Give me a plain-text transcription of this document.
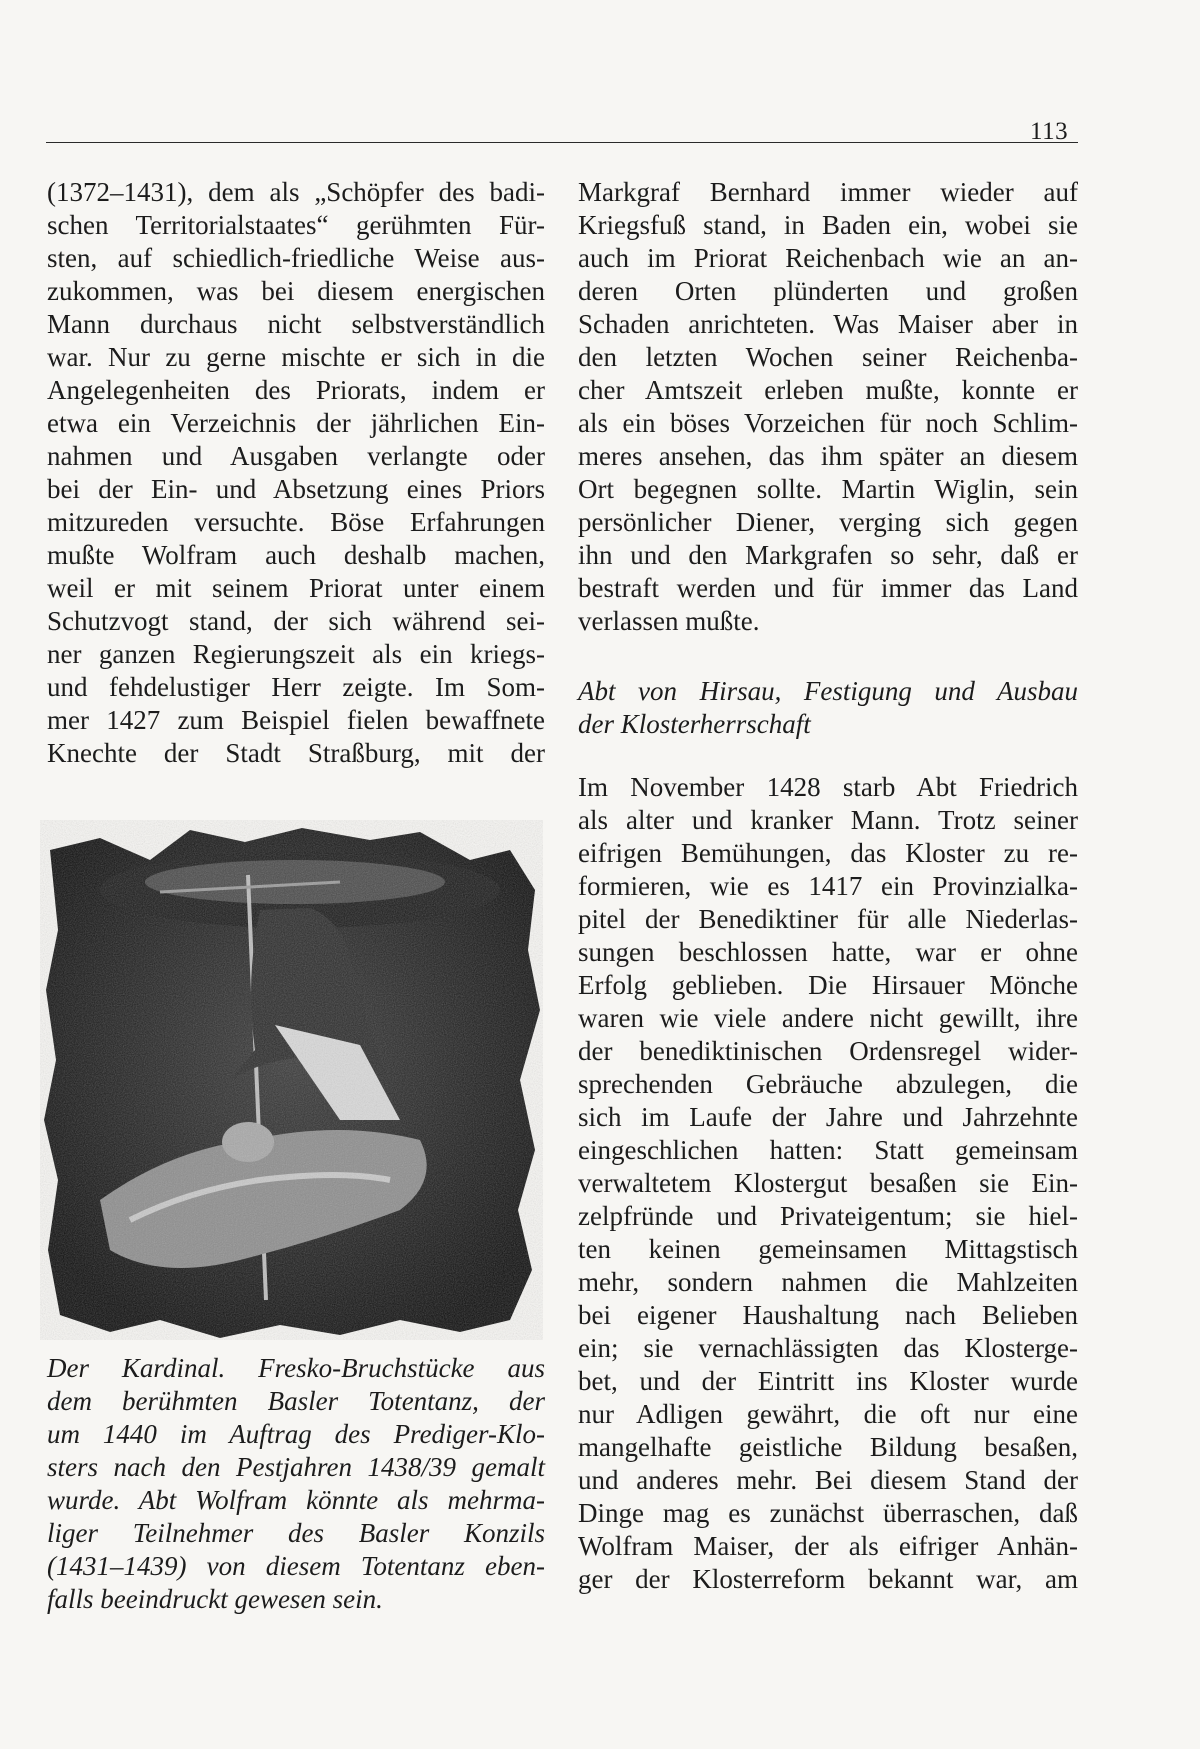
113
(1372–1431), dem als „Schöpfer des badi-
schen Territorialstaates“ gerühmten Für-
sten, auf schiedlich-friedliche Weise aus-
zukommen, was bei diesem energischen
Mann durchaus nicht selbstverständlich
war. Nur zu gerne mischte er sich in die
Angelegenheiten des Priorats, indem er
etwa ein Verzeichnis der jährlichen Ein-
nahmen und Ausgaben verlangte oder
bei der Ein- und Absetzung eines Priors
mitzureden versuchte. Böse Erfahrungen
mußte Wolfram auch deshalb machen,
weil er mit seinem Priorat unter einem
Schutzvogt stand, der sich während sei-
ner ganzen Regierungszeit als ein kriegs-
und fehdelustiger Herr zeigte. Im Som-
mer 1427 zum Beispiel fielen bewaffnete
Knechte der Stadt Straßburg, mit der
Der Kardinal. Fresko-Bruchstücke aus
dem berühmten Basler Totentanz, der
um 1440 im Auftrag des Prediger-Klo-
sters nach den Pestjahren 1438/39 gemalt
wurde. Abt Wolfram könnte als mehrma-
liger Teilnehmer des Basler Konzils
(1431–1439) von diesem Totentanz eben-
falls beeindruckt gewesen sein.
Markgraf Bernhard immer wieder auf
Kriegsfuß stand, in Baden ein, wobei sie
auch im Priorat Reichenbach wie an an-
deren Orten plünderten und großen
Schaden anrichteten. Was Maiser aber in
den letzten Wochen seiner Reichenba-
cher Amtszeit erleben mußte, konnte er
als ein böses Vorzeichen für noch Schlim-
meres ansehen, das ihm später an diesem
Ort begegnen sollte. Martin Wiglin, sein
persönlicher Diener, verging sich gegen
ihn und den Markgrafen so sehr, daß er
bestraft werden und für immer das Land
verlassen mußte.
Abt von Hirsau, Festigung und Ausbau
der Klosterherrschaft
Im November 1428 starb Abt Friedrich
als alter und kranker Mann. Trotz seiner
eifrigen Bemühungen, das Kloster zu re-
formieren, wie es 1417 ein Provinzialka-
pitel der Benediktiner für alle Niederlas-
sungen beschlossen hatte, war er ohne
Erfolg geblieben. Die Hirsauer Mönche
waren wie viele andere nicht gewillt, ihre
der benediktinischen Ordensregel wider-
sprechenden Gebräuche abzulegen, die
sich im Laufe der Jahre und Jahrzehnte
eingeschlichen hatten: Statt gemeinsam
verwaltetem Klostergut besaßen sie Ein-
zelpfründe und Privateigentum; sie hiel-
ten keinen gemeinsamen Mittagstisch
mehr, sondern nahmen die Mahlzeiten
bei eigener Haushaltung nach Belieben
ein; sie vernachlässigten das Klosterge-
bet, und der Eintritt ins Kloster wurde
nur Adligen gewährt, die oft nur eine
mangelhafte geistliche Bildung besaßen,
und anderes mehr. Bei diesem Stand der
Dinge mag es zunächst überraschen, daß
Wolfram Maiser, der als eifriger Anhän-
ger der Klosterreform bekannt war, am
